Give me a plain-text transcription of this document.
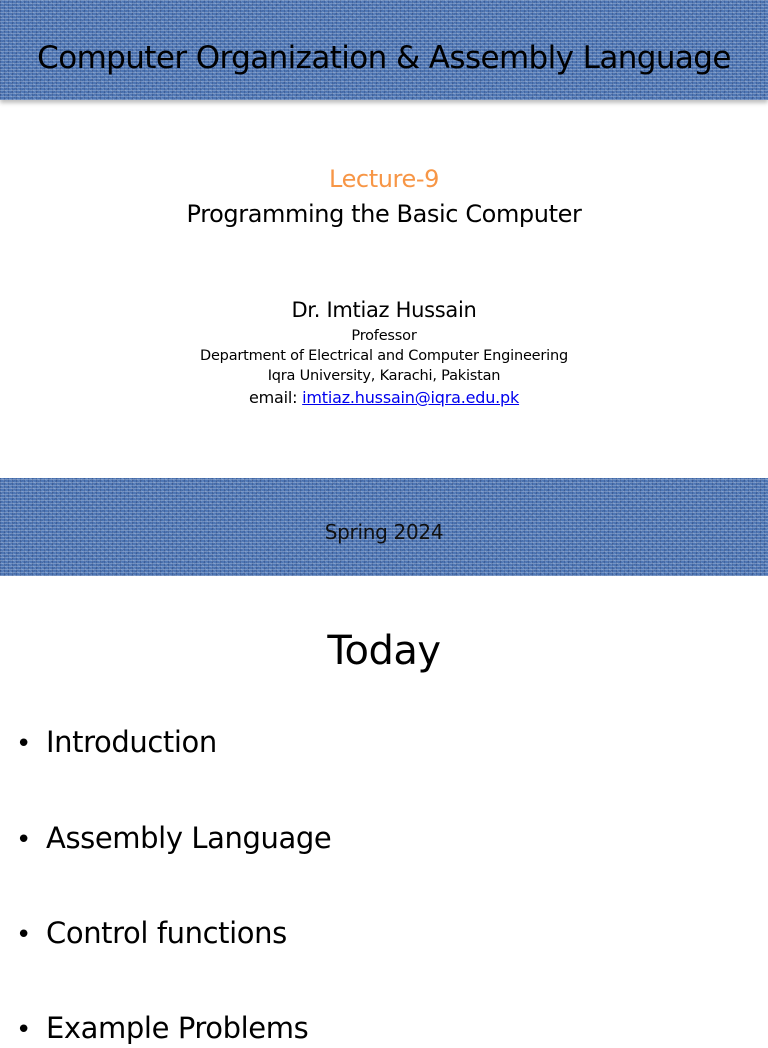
Computer Organization & Assembly Language
Lecture-9
Programming the Basic Computer
Dr. Imtiaz Hussain
Professor
Department of Electrical and Computer Engineering
Iqra University, Karachi, Pakistan
email: imtiaz.hussain@iqra.edu.pk
Spring 2024
Today
• Introduction
• Assembly Language
• Control functions
• Example Problems
